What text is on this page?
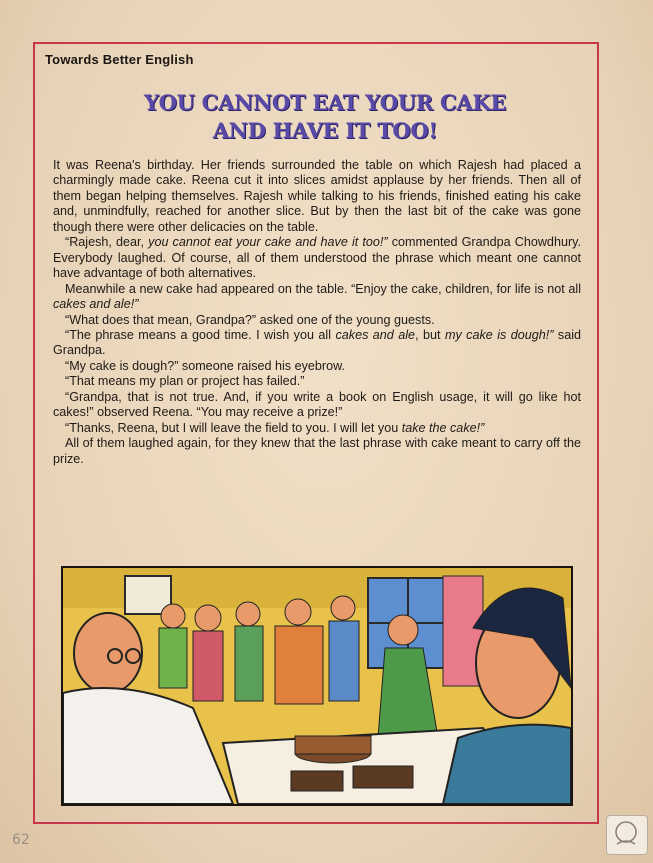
Towards Better English
YOU CANNOT EAT YOUR CAKE
AND HAVE IT TOO!

It was Reena's birthday. Her friends surrounded the table on which Rajesh had placed a charmingly made cake. Reena cut it into slices amidst applause by her friends. Then all of them began helping themselves. Rajesh while talking to his friends, finished eating his cake and, unmindfully, reached for another slice. But by then the last bit of the cake was gone though there were other delicacies on the table.

“Rajesh, dear, you cannot eat your cake and have it too!” commented Grandpa Chowdhury. Everybody laughed. Of course, all of them understood the phrase which meant one cannot have advantage of both alternatives.

Meanwhile a new cake had appeared on the table. “Enjoy the cake, children, for life is not all cakes and ale!”

“What does that mean, Grandpa?” asked one of the young guests.

“The phrase means a good time. I wish you all cakes and ale, but my cake is dough!” said Grandpa.

“My cake is dough?” someone raised his eyebrow.

“That means my plan or project has failed.”

“Grandpa, that is not true. And, if you write a book on English usage, it will go like hot cakes!” observed Reena. “You may receive a prize!”

“Thanks, Reena, but I will leave the field to you. I will let you take the cake!”

All of them laughed again, for they knew that the last phrase with cake meant to carry off the prize.

62
